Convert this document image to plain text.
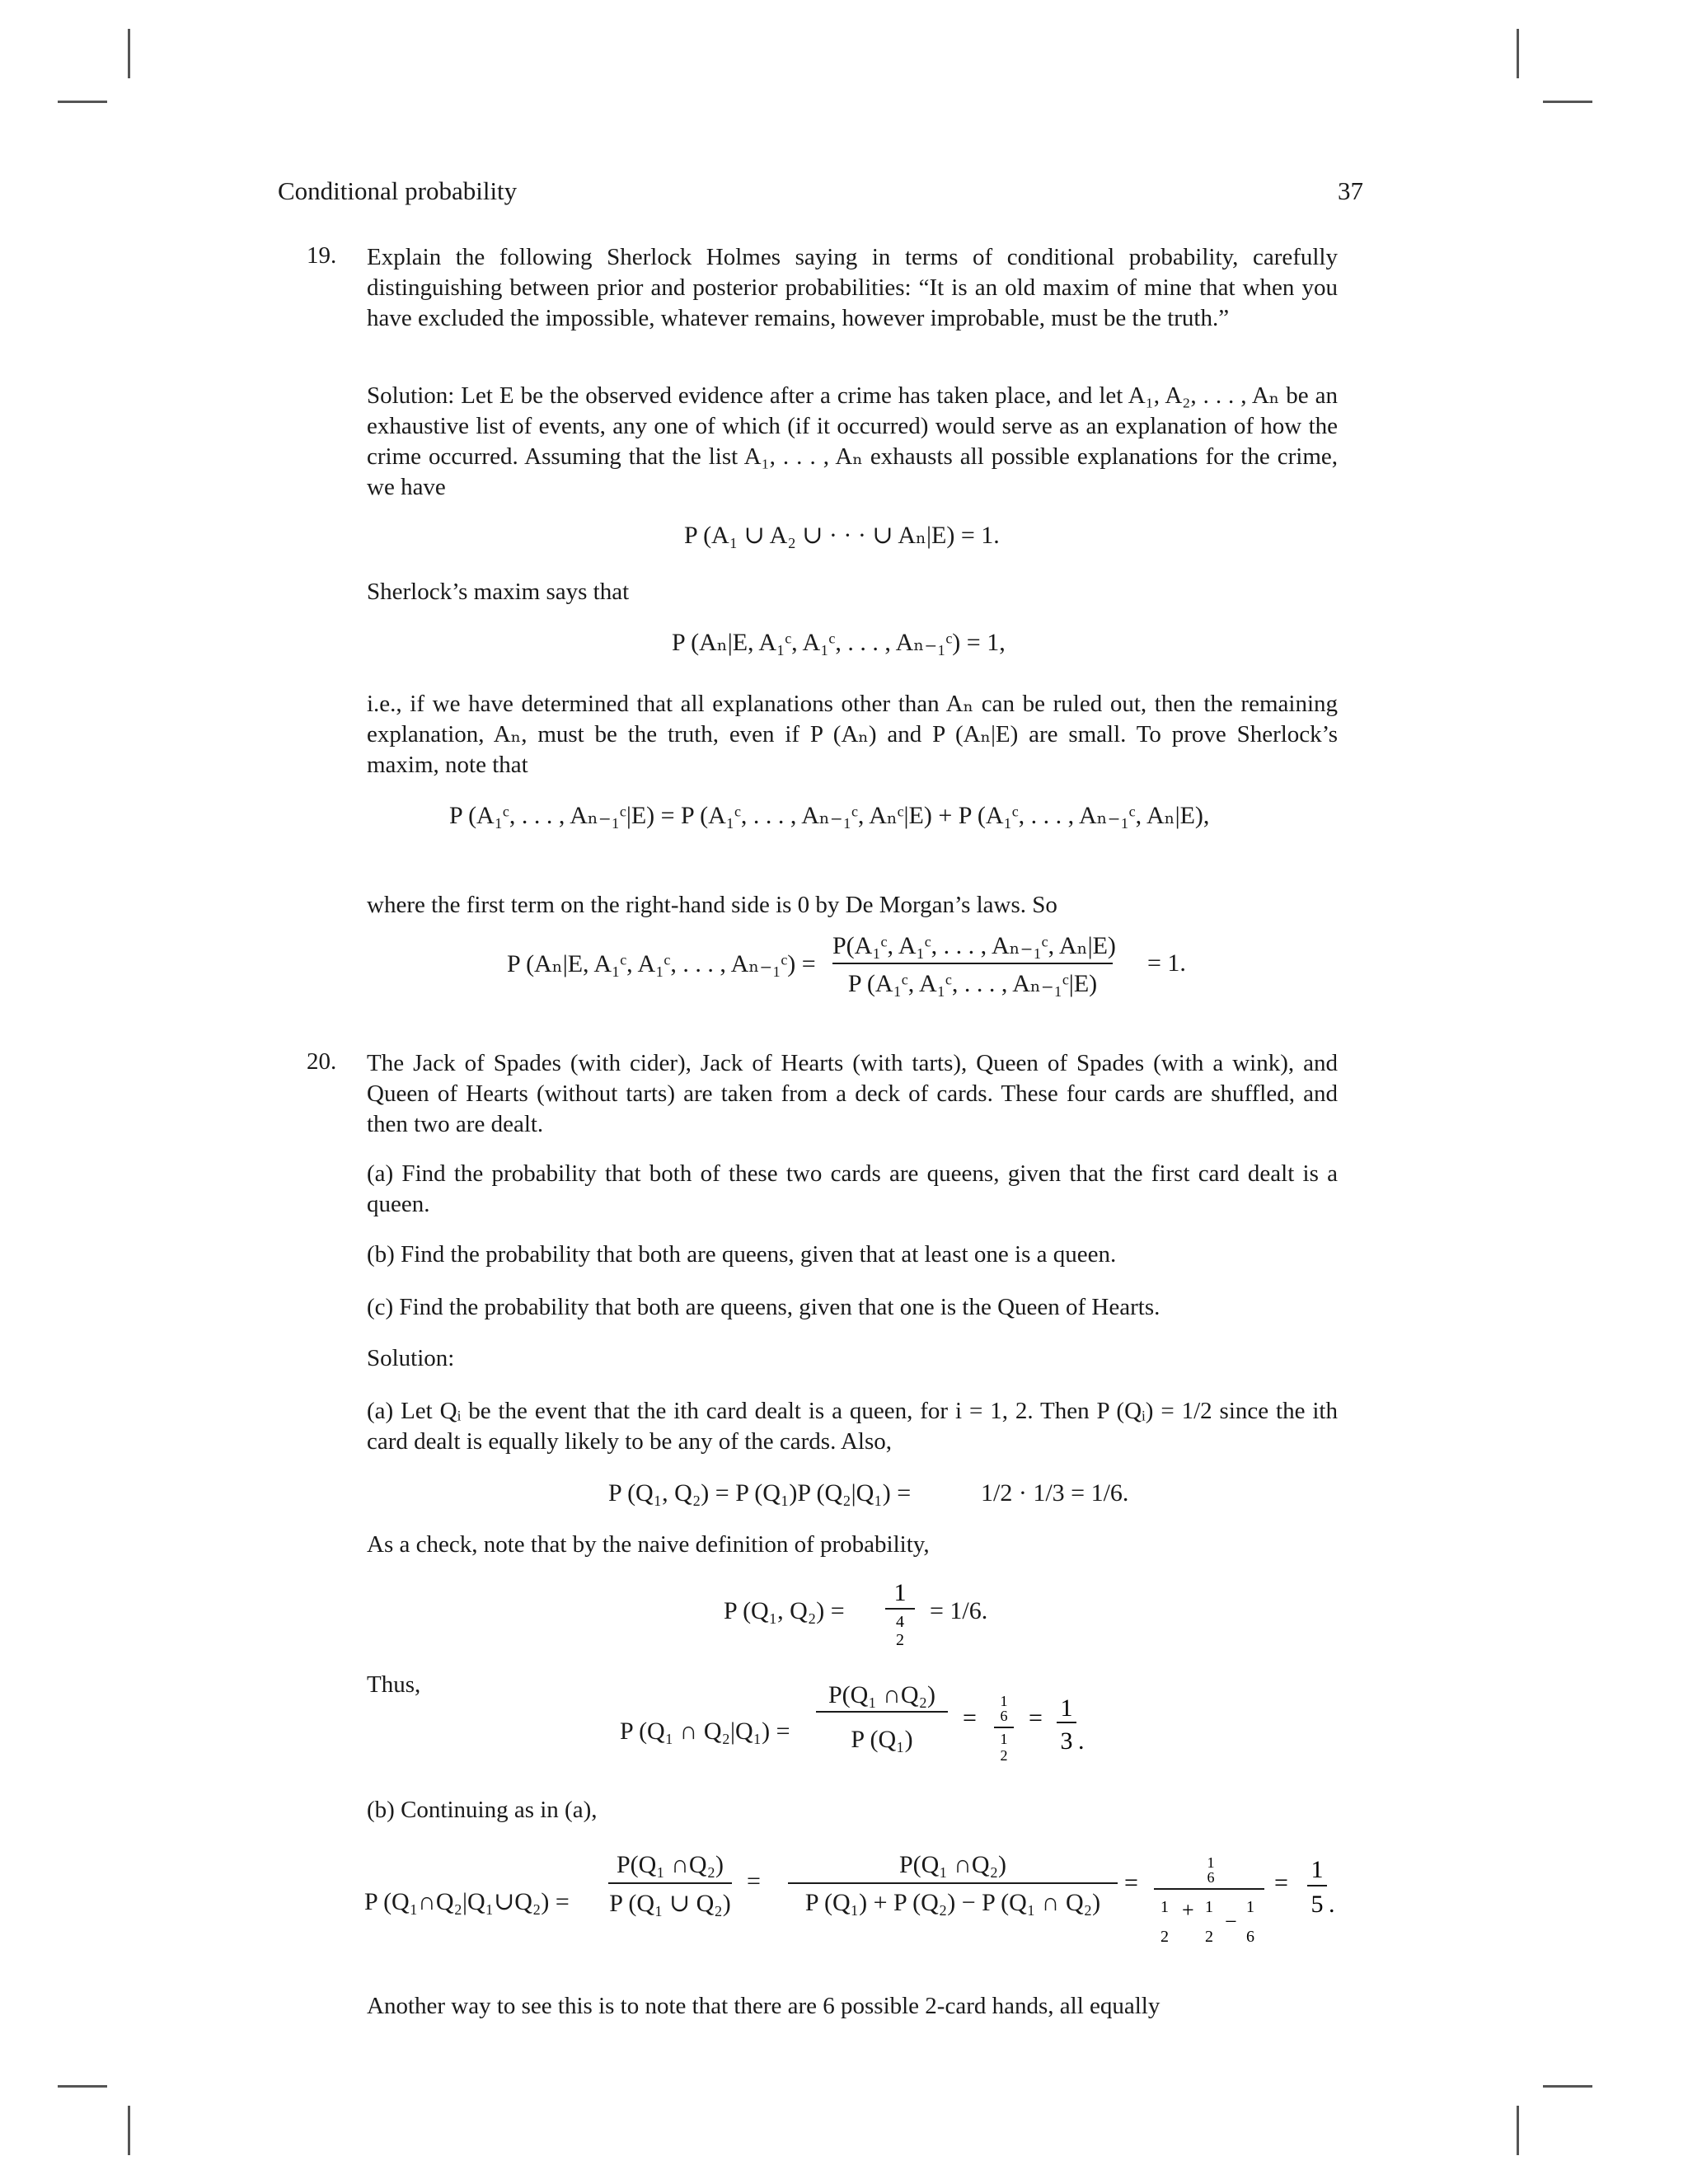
Conditional probability	37
19. Explain the following Sherlock Holmes saying in terms of conditional probability, carefully distinguishing between prior and posterior probabilities: “It is an old maxim of mine that when you have excluded the impossible, whatever remains, however improbable, must be the truth.”
Solution: Let E be the observed evidence after a crime has taken place, and let A₁, A₂, . . . , Aₙ be an exhaustive list of events, any one of which (if it occurred) would serve as an explanation of how the crime occurred. Assuming that the list A₁, . . . , Aₙ exhausts all possible explanations for the crime, we have
P (A₁ ∪ A₂ ∪ · · · ∪ Aₙ|E) = 1.
Sherlock’s maxim says that
P (Aₙ|E, A₁ᶜ, A₁ᶜ, . . . , Aₙ₋₁ᶜ) = 1,
i.e., if we have determined that all explanations other than Aₙ can be ruled out, then the remaining explanation, Aₙ, must be the truth, even if P (Aₙ) and P (Aₙ|E) are small. To prove Sherlock’s maxim, note that
P (A₁ᶜ, . . . , Aₙ₋₁ᶜ|E) = P (A₁ᶜ, . . . , Aₙ₋₁ᶜ, Aₙᶜ|E) + P (A₁ᶜ, . . . , Aₙ₋₁ᶜ, Aₙ|E),
where the first term on the right-hand side is 0 by De Morgan’s laws. So
P (Aₙ|E, A₁ᶜ, A₁ᶜ, . . . , Aₙ₋₁ᶜ) =
P(A₁ᶜ, A₁ᶜ, . . . , Aₙ₋₁ᶜ, Aₙ|E)
P (A₁ᶜ, A₁ᶜ, . . . , Aₙ₋₁ᶜ|E)
= 1.
20. The Jack of Spades (with cider), Jack of Hearts (with tarts), Queen of Spades (with a wink), and Queen of Hearts (without tarts) are taken from a deck of cards. These four cards are shuffled, and then two are dealt.
(a) Find the probability that both of these two cards are queens, given that the first card dealt is a queen.
(b) Find the probability that both are queens, given that at least one is a queen.
(c) Find the probability that both are queens, given that one is the Queen of Hearts.
Solution:
(a) Let Qᵢ be the event that the ith card dealt is a queen, for i = 1, 2. Then P (Qᵢ) = 1/2 since the ith card dealt is equally likely to be any of the cards. Also,
P (Q₁, Q₂) = P (Q₁)P (Q₂|Q₁) =	1/2 · 1/3 = 1/6.
As a check, note that by the naive definition of probability,
P (Q₁, Q₂) =
1
4
2
= 1/6.
Thus,
P (Q₁ ∩ Q₂|Q₁) =
P(Q₁ ∩Q₂)
P (Q₁)
=
1
6
1
2
= 1
3 .
(b) Continuing as in (a),
P (Q₁∩Q₂|Q₁∪Q₂) =
P(Q₁ ∩Q₂)
P (Q₁ ∪ Q₂)
=
P(Q₁ ∩Q₂)
P (Q₁) + P (Q₂) − P (Q₁ ∩ Q₂)
=
1
6
1
2
+ 1
2
−
1
6
= 1
5 .
Another way to see this is to note that there are 6 possible 2-card hands, all equally
